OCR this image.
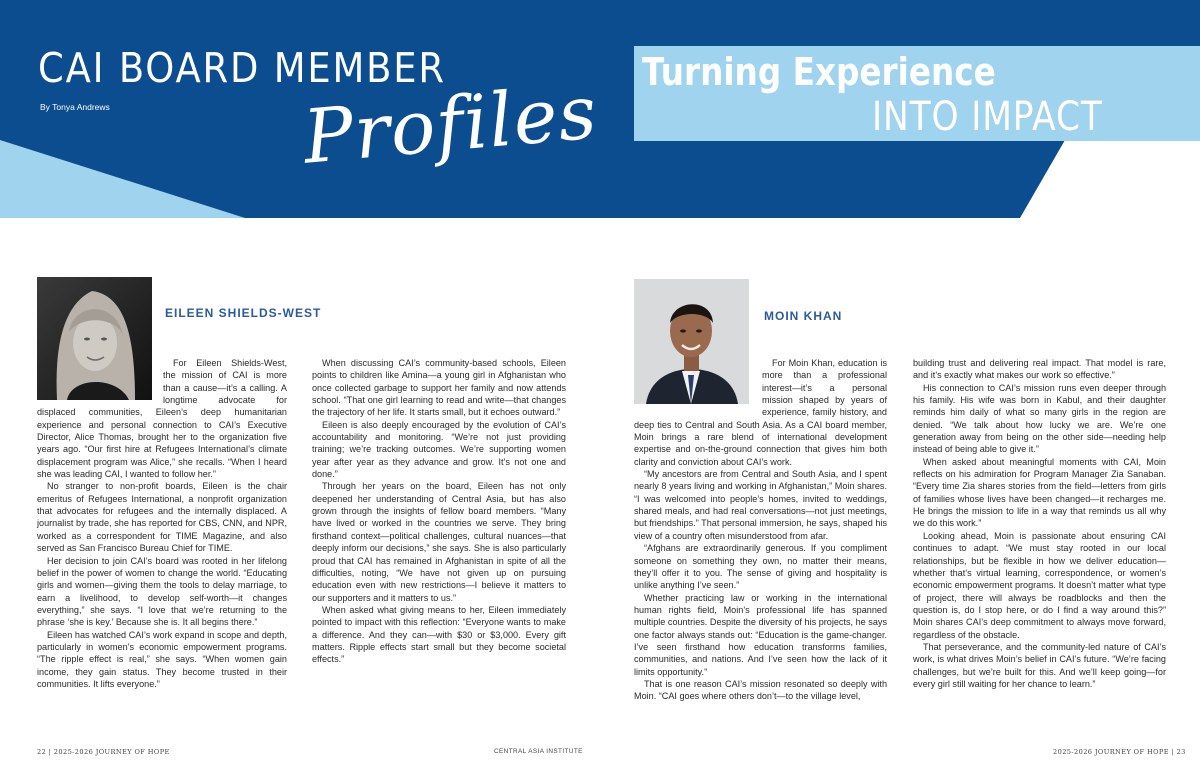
CAI BOARD MEMBER
By Tonya Andrews	Profiles Turning Experience
INTO IMPACT
EILEEN SHIELDS-WEST

For Eileen Shields-West, the mission of CAI is more than a cause—it’s a calling. A longtime advocate for displaced communities, Eileen’s deep humanitarian experience and personal connection to CAI’s Executive Director, Alice Thomas, brought her to the organization five years ago. “Our first hire at Refugees International’s climate displacement program was Alice,” she recalls. “When I heard she was leading CAI, I wanted to follow her.”

No stranger to non-profit boards, Eileen is the chair emeritus of Refugees International, a nonprofit organization that advocates for refugees and the internally displaced. A journalist by trade, she has reported for CBS, CNN, and NPR, worked as a correspondent for TIME Magazine, and also served as San Francisco Bureau Chief for TIME.

Her decision to join CAI’s board was rooted in her lifelong belief in the power of women to change the world. “Educating girls and women—giving them the tools to delay marriage, to earn a livelihood, to develop self-worth—it changes everything,” she says. “I love that we’re returning to the phrase ‘she is key.’ Because she is. It all begins there.”

Eileen has watched CAI’s work expand in scope and depth, particularly in women’s economic empowerment programs. “The ripple effect is real,” she says. “When women gain income, they gain status. They become trusted in their communities. It lifts everyone.”

When discussing CAI’s community-based schools, Eileen points to children like Amina—a young girl in Afghanistan who once collected garbage to support her family and now attends school. “That one girl learning to read and write—that changes the trajectory of her life. It starts small, but it echoes outward.”

Eileen is also deeply encouraged by the evolution of CAI’s accountability and monitoring. “We’re not just providing training; we’re tracking outcomes. We’re supporting women year after year as they advance and grow. It’s not one and done.”

Through her years on the board, Eileen has not only deepened her understanding of Central Asia, but has also grown through the insights of fellow board members. “Many have lived or worked in the countries we serve. They bring firsthand context—political challenges, cultural nuances—that deeply inform our decisions,” she says. She is also particularly proud that CAI has remained in Afghanistan in spite of all the difficulties, noting, “We have not given up on pursuing education even with new restrictions—I believe it matters to our supporters and it matters to us.”

When asked what giving means to her, Eileen immediately pointed to impact with this reflection: “Everyone wants to make a difference. And they can—with $30 or $3,000. Every gift matters. Ripple effects start small but they become societal effects.”

MOIN KHAN

For Moin Khan, education is more than a professional interest—it’s a personal mission shaped by years of experience, family history, and deep ties to Central and South Asia. As a CAI board member, Moin brings a rare blend of international development expertise and on-the-ground connection that gives him both clarity and conviction about CAI’s work.

“My ancestors are from Central and South Asia, and I spent nearly 8 years living and working in Afghanistan,” Moin shares. “I was welcomed into people’s homes, invited to weddings, shared meals, and had real conversations—not just meetings, but friendships.” That personal immersion, he says, shaped his view of a country often misunderstood from afar.

“Afghans are extraordinarily generous. If you compliment someone on something they own, no matter their means, they’ll offer it to you. The sense of giving and hospitality is unlike anything I’ve seen.”

Whether practicing law or working in the international human rights field, Moin’s professional life has spanned multiple countries. Despite the diversity of his projects, he says one factor always stands out: “Education is the game-changer. I’ve seen firsthand how education transforms families, communities, and nations. And I’ve seen how the lack of it limits opportunity.”

That is one reason CAI’s mission resonated so deeply with Moin. “CAI goes where others don’t—to the village level,

building trust and delivering real impact. That model is rare, and it’s exactly what makes our work so effective.”

His connection to CAI’s mission runs even deeper through his family. His wife was born in Kabul, and their daughter reminds him daily of what so many girls in the region are denied. “We talk about how lucky we are. We’re one generation away from being on the other side—needing help instead of being able to give it.”

When asked about meaningful moments with CAI, Moin reflects on his admiration for Program Manager Zia Sanaban. “Every time Zia shares stories from the field—letters from girls of families whose lives have been changed—it recharges me. He brings the mission to life in a way that reminds us all why we do this work.”

Looking ahead, Moin is passionate about ensuring CAI continues to adapt. “We must stay rooted in our local relationships, but be flexible in how we deliver education—whether that’s virtual learning, correspondence, or women’s economic empowerment programs. It doesn’t matter what type of project, there will always be roadblocks and then the question is, do I stop here, or do I find a way around this?” Moin shares CAI’s deep commitment to always move forward, regardless of the obstacle.

That perseverance, and the community-led nature of CAI’s work, is what drives Moin’s belief in CAI’s future. “We’re facing challenges, but we’re built for this. And we’ll keep going—for every girl still waiting for her chance to learn.”

22 | 2025-2026 JOURNEY OF HOPE	CENTRAL ASIA INSTITUTE	2025-2026 JOURNEY OF HOPE | 23
